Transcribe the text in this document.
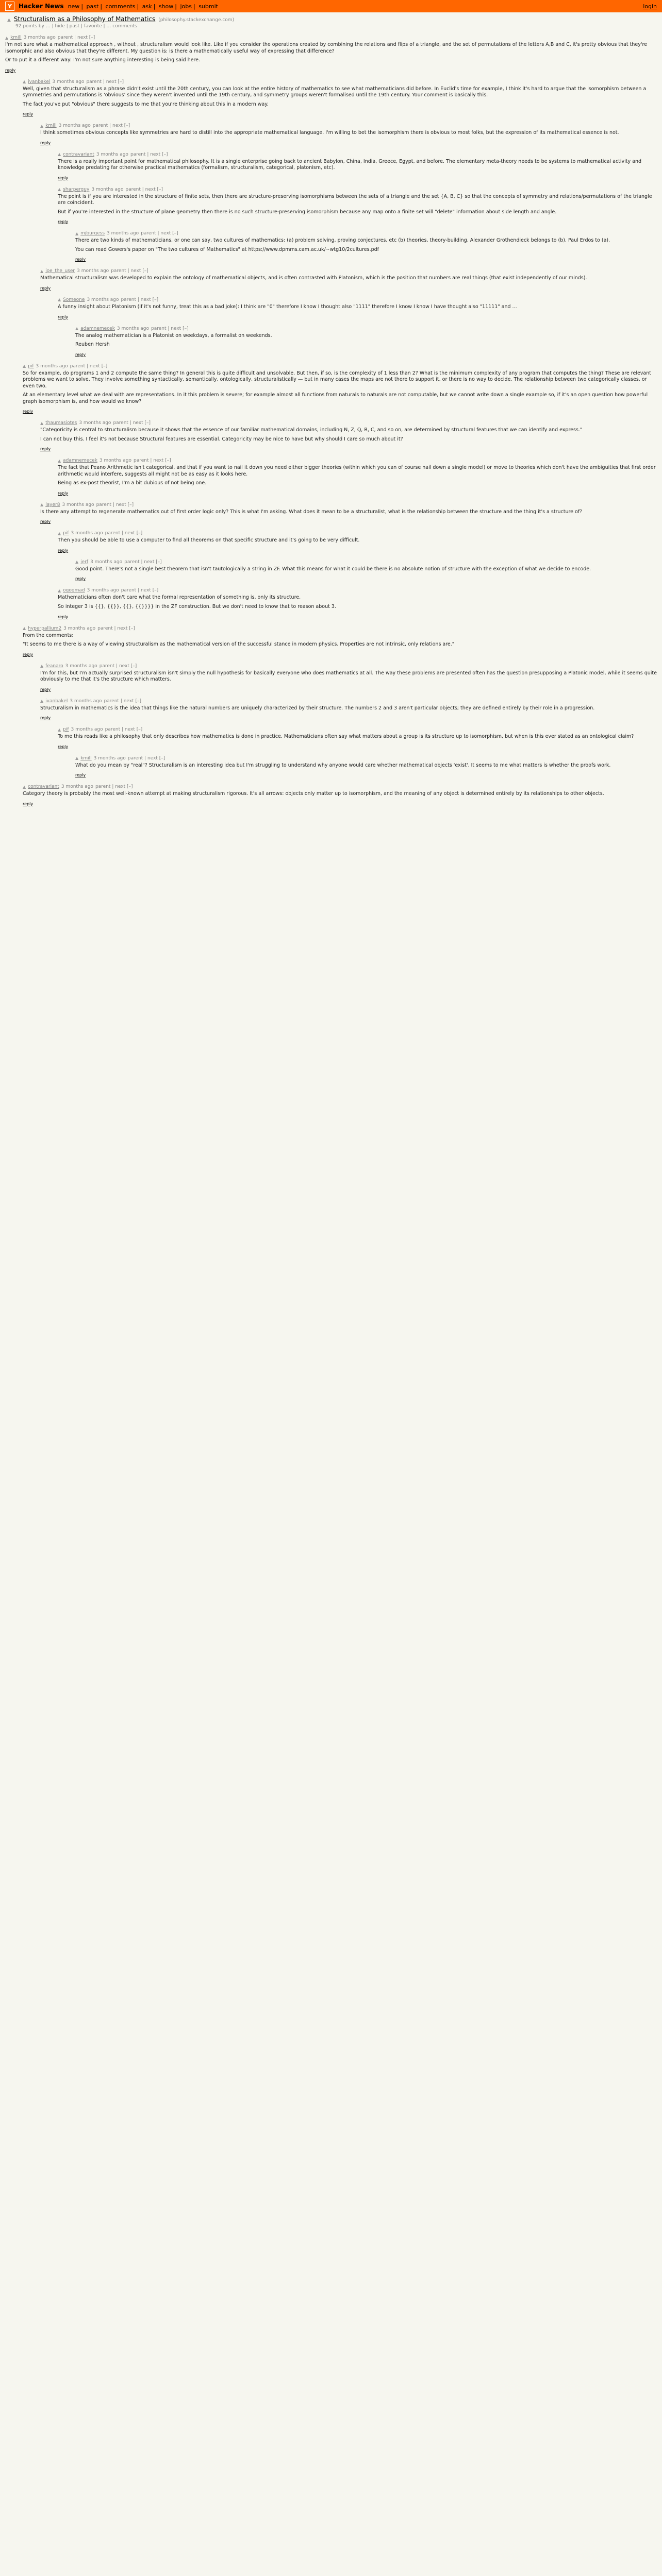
Y	Hacker News new | past | comments | ask | show | jobs | submit	login
▲ Structuralism as a Philosophy of Mathematics (philosophy.stackexchange.com)
92 points by … | hide | past | favorite | … comments
▲ kmill 3 months ago parent | next [–]

I'm not sure what a mathematical approach , without , structuralism would look like. Like if you consider the operations created by combining the relations and flips of a triangle, and the set of permutations of the letters A,B and C, it's pretty obvious that they're isomorphic and also obvious that they're different. My question is: is there a mathematically useful way of expressing that difference?

Or to put it a different way: I'm not sure anything interesting is being said here.

reply
▲ ivanbakel 3 months ago parent | next [–]

Well, given that structuralism as a phrase didn't exist until the 20th century, you can look at the entire history of mathematics to see what mathematicians did before. In Euclid's time for example, I think it's hard to argue that the isomorphism between a symmetries and permutations is 'obvious' since they weren't invented until the 19th century, and symmetry groups weren't formalised until the 19th century. Your comment is basically this.

The fact you've put "obvious" there suggests to me that you're thinking about this in a modern way.

reply
▲ kmill 3 months ago parent | next [–]

I think sometimes obvious concepts like symmetries are hard to distill into the appropriate mathematical language. I'm willing to bet the isomorphism there is obvious to most folks, but the expression of its mathematical essence is not.

reply
▲ contravariant 3 months ago parent | next [–]

There is a really important point for mathematical philosophy. It is a single enterprise going back to ancient Babylon, China, India, Greece, Egypt, and before. The elementary meta-theory needs to be systems to mathematical activity and knowledge predating far otherwise practical mathematics (formalism, structuralism, categorical, platonism, etc).

reply
▲ sharperguy 3 months ago parent | next [–]

The point is if you are interested in the structure of finite sets, then there are structure-preserving isomorphisms between the sets of a triangle and the set {A, B, C} so that the concepts of symmetry and relations/permutations of the triangle are coincident.

But if you're interested in the structure of plane geometry then there is no such structure-preserving isomorphism because any map onto a finite set will "delete" information about side length and angle.

reply
▲ mjburgess 3 months ago parent | next [–]

There are two kinds of mathematicians, or one can say, two cultures of mathematics: (a) problem solving, proving conjectures, etc (b) theories, theory-building. Alexander Grothendieck belongs to (b). Paul Erdos to (a).

You can read Gowers's paper on "The two cultures of Mathematics" at https://www.dpmms.cam.ac.uk/~wtg10/2cultures.pdf

reply
▲ joe_the_user 3 months ago parent | next [–]

Mathematical structuralism was developed to explain the ontology of mathematical objects, and is often contrasted with Platonism, which is the position that numbers are real things (that exist independently of our minds).

reply
▲ Someone 3 months ago parent | next [–]

A funny insight about Platonism (if it's not funny, treat this as a bad joke): I think are "0" therefore I know I thought also "1111" therefore I know I know I have thought also "11111" and ...

reply
▲ adamnemecek 3 months ago parent | next [–]

The analog mathematician is a Platonist on weekdays, a formalist on weekends.

Reuben Hersh

reply
▲ pif 3 months ago parent | next [–]

So for example, do programs 1 and 2 compute the same thing? In general this is quite difficult and unsolvable. But then, if so, is the complexity of 1 less than 2? What is the minimum complexity of any program that computes the thing? These are relevant problems we want to solve. They involve something syntactically, semantically, ontologically, structuralistically — but in many cases the maps are not there to support it, or there is no way to decide. The relationship between two categorically classes, or even two.

At an elementary level what we deal with are representations. In it this problem is severe; for example almost all functions from naturals to naturals are not computable, but we cannot write down a single example so, if it's an open question how powerful graph isomorphism is, and how would we know?

reply
▲ thaumasiotes 3 months ago parent | next [–]

"Categoricity is central to structuralism because it shows that the essence of our familiar mathematical domains, including N, Z, Q, R, C, and so on, are determined by structural features that we can identify and express."

I can not buy this. I feel it's not because Structural features are essential. Categoricity may be nice to have but why should I care so much about it?

reply
▲ adamnemecek 3 months ago parent | next [–]

The fact that Peano Arithmetic isn't categorical, and that if you want to nail it down you need either bigger theories (within which you can of course nail down a single model) or move to theories which don't have the ambiguities that first order arithmetic would interfere, suggests all might not be as easy as it looks here.

Being as ex-post theorist, I'm a bit dubious of not being one.

reply
▲ layer8 3 months ago parent | next [–]

Is there any attempt to regenerate mathematics out of first order logic only? This is what I'm asking. What does it mean to be a structuralist, what is the relationship between the structure and the thing it's a structure of?

reply
▲ pif 3 months ago parent | next [–]

Then you should be able to use a computer to find all theorems on that specific structure and it's going to be very difficult.

reply
▲ jerf 3 months ago parent | next [–]

Good point. There's not a single best theorem that isn't tautologically a string in ZF. What this means for what it could be there is no absolute notion of structure with the exception of what we decide to encode.

reply
▲ ogogmad 3 months ago parent | next [–]

Mathematicians often don't care what the formal representation of something is, only its structure.

So integer 3 is {{}, {{}}, {{}, {{}}}} in the ZF construction. But we don't need to know that to reason about 3.

reply
▲ hyperpallium2 3 months ago parent | next [–]

From the comments:

"It seems to me there is a way of viewing structuralism as the mathematical version of the successful stance in modern physics. Properties are not intrinsic, only relations are."

reply
▲ feanaro 3 months ago parent | next [–]

I'm for this, but I'm actually surprised structuralism isn't simply the null hypothesis for basically everyone who does mathematics at all. The way these problems are presented often has the question presupposing a Platonic model, while it seems quite obviously to me that it's the structure which matters.

reply
▲ ivanbakel 3 months ago parent | next [–]

Structuralism in mathematics is the idea that things like the natural numbers are uniquely characterized by their structure. The numbers 2 and 3 aren't particular objects; they are defined entirely by their role in a progression.

reply
▲ pif 3 months ago parent | next [–]

To me this reads like a philosophy that only describes how mathematics is done in practice. Mathematicians often say what matters about a group is its structure up to isomorphism, but when is this ever stated as an ontological claim?

reply
▲ kmill 3 months ago parent | next [–]

What do you mean by "real"? Structuralism is an interesting idea but I'm struggling to understand why anyone would care whether mathematical objects 'exist'. It seems to me what matters is whether the proofs work.

reply
▲ contravariant 3 months ago parent | next [–]

Category theory is probably the most well-known attempt at making structuralism rigorous. It's all arrows: objects only matter up to isomorphism, and the meaning of any object is determined entirely by its relationships to other objects.

reply
